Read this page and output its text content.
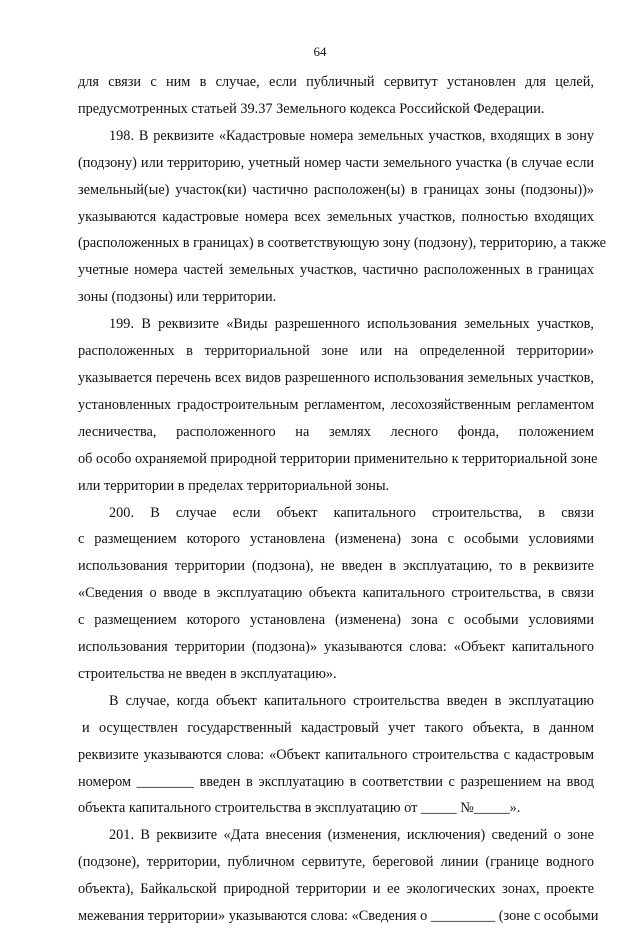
64
для связи с ним в случае, если публичный сервитут установлен для целей,
предусмотренных статьей 39.37 Земельного кодекса Российской Федерации.
198. В реквизите «Кадастровые номера земельных участков, входящих в зону
(подзону) или территорию, учетный номер части земельного участка (в случае если
земельный(ые) участок(ки) частично расположен(ы) в границах зоны (подзоны))»
указываются кадастровые номера всех земельных участков, полностью входящих
(расположенных в границах) в соответствующую зону (подзону), территорию, а также
учетные номера частей земельных участков, частично расположенных в границах
зоны (подзоны) или территории.
199. В реквизите «Виды разрешенного использования земельных участков,
расположенных в территориальной зоне или на определенной территории»
указывается перечень всех видов разрешенного использования земельных участков,
установленных градостроительным регламентом, лесохозяйственным регламентом
лесничества, расположенного на землях лесного фонда, положением
об особо охраняемой природной территории применительно к территориальной зоне
или территории в пределах территориальной зоны.
200. В случае если объект капитального строительства, в связи
с размещением которого установлена (изменена) зона с особыми условиями
использования территории (подзона), не введен в эксплуатацию, то в реквизите
«Сведения о вводе в эксплуатацию объекта капитального строительства, в связи
с размещением которого установлена (изменена) зона с особыми условиями
использования территории (подзона)» указываются слова: «Объект капитального
строительства не введен в эксплуатацию».
В случае, когда объект капитального строительства введен в эксплуатацию
и осуществлен государственный кадастровый учет такого объекта, в данном
реквизите указываются слова: «Объект капитального строительства с кадастровым
номером ________ введен в эксплуатацию в соответствии с разрешением на ввод
объекта капитального строительства в эксплуатацию от _____ №_____».
201. В реквизите «Дата внесения (изменения, исключения) сведений о зоне
(подзоне), территории, публичном сервитуте, береговой линии (границе водного
объекта), Байкальской природной территории и ее экологических зонах, проекте
межевания территории» указываются слова: «Сведения о _________ (зоне с особыми
